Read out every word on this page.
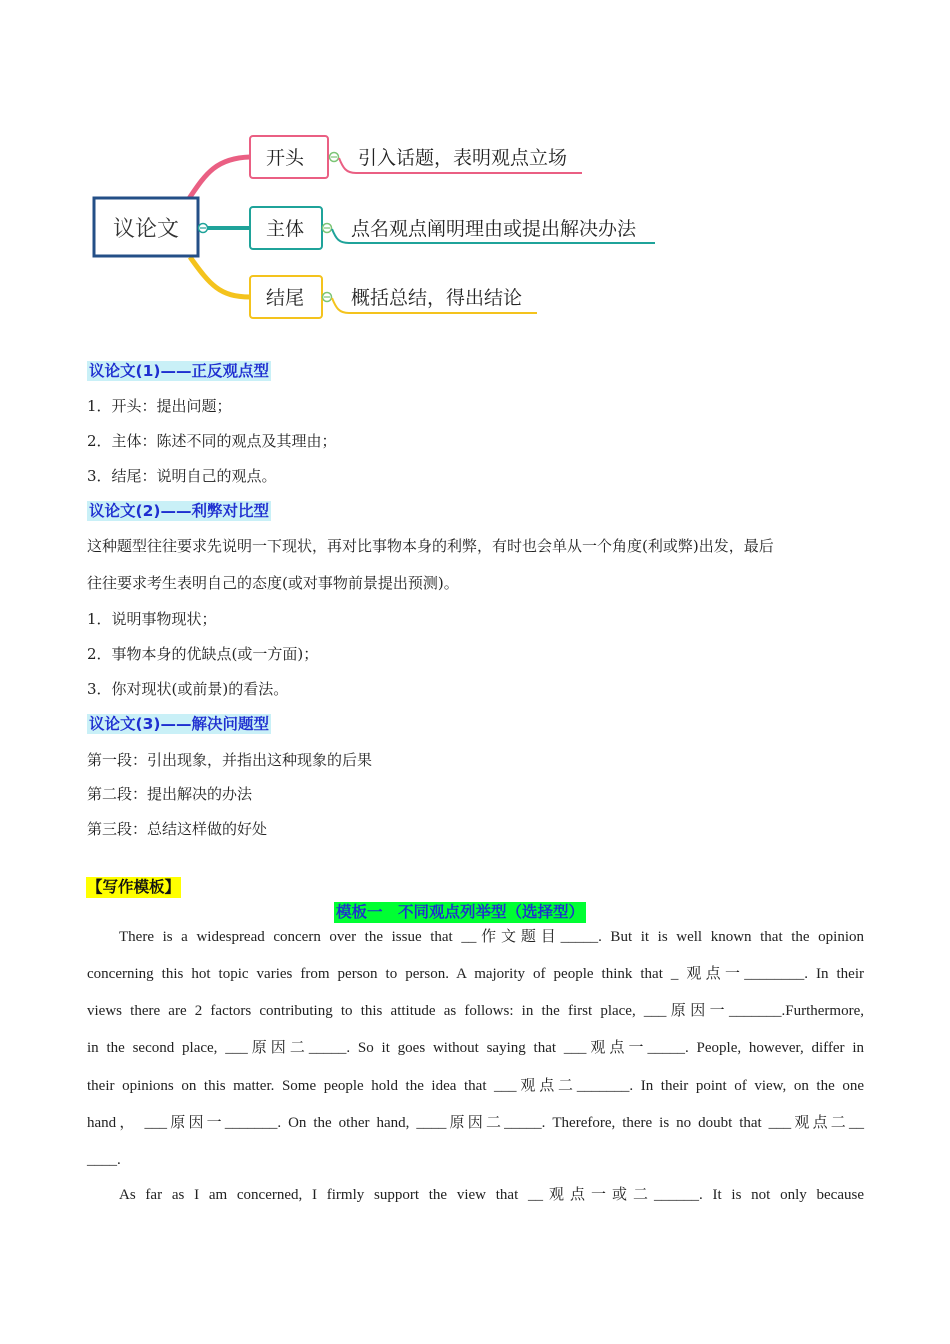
议论文
开头	引入话题，表明观点立场
主体 点名观点阐明理由或提出解决办法
结尾 概括总结，得出结论
议论文(1)——正反观点型
1．开头：提出问题；
2．主体：陈述不同的观点及其理由；
3．结尾：说明自己的观点。
议论文(2)——利弊对比型
这种题型往往要求先说明一下现状，再对比事物本身的利弊，有时也会单从一个角度(利或弊)出发，最后
往往要求考生表明自己的态度(或对事物前景提出预测)。
1．说明事物现状；
2．事物本身的优缺点(或一方面)；
3．你对现状(或前景)的看法。
议论文(3)——解决问题型
第一段：引出现象，并指出这种现象的后果
第二段：提出解决的办法
第三段：总结这样做的好处
【写作模板】
模板一　不同观点列举型（选择型）
There is a widespread concern over the issue that __作文题目_____. But it is well known that the opinion
concerning this hot topic varies from person to person. A majority of people think that _ 观点一________. In their
views there are 2 factors contributing to this attitude as follows: in the first place, ___原因一_______.Furthermore,
in the second place, ___原因二_____. So it goes without saying that ___观点一_____. People, however, differ in
their opinions on this matter. Some people hold the idea that ___观点二_______. In their point of view, on the one
hand， ___原因一_______. On the other hand, ____原因二_____. Therefore, there is no doubt that ___观点二__
____.
As far as I am concerned, I firmly support the view that __观点一或二______. It is not only because
